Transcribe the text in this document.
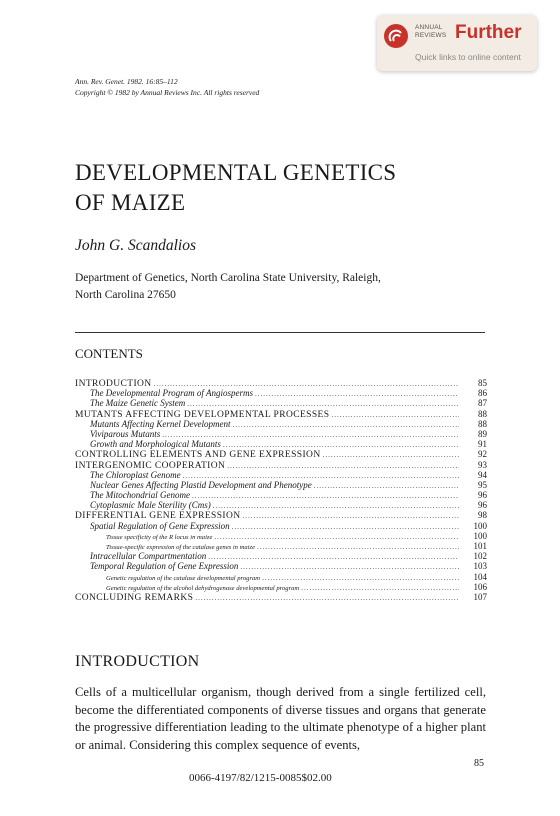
ANNUAL
REVIEWS Further
Quick links to online content
Ann. Rev. Genet. 1982. 16:85–112
Copyright © 1982 by Annual Reviews Inc. All rights reserved
DEVELOPMENTAL GENETICS
OF MAIZE
John G. Scandalios
Department of Genetics, North Carolina State University, Raleigh,
North Carolina 27650
CONTENTS
INTRODUCTION .....	85
The Developmental Program of Angiosperms .....	86
The Maize Genetic System .....	87
MUTANTS AFFECTING DEVELOPMENTAL PROCESSES .....	88
Mutants Affecting Kernel Development .....	88
Viviparous Mutants .....	89
Growth and Morphological Mutants .....	91
CONTROLLING ELEMENTS AND GENE EXPRESSION .....	92
INTERGENOMIC COOPERATION .....	93
The Chloroplast Genome .....	94
Nuclear Genes Affecting Plastid Development and Phenotype .....	95
The Mitochondrial Genome .....	96
Cytoplasmic Male Sterility (Cms) .....	96
DIFFERENTIAL GENE EXPRESSION .....	98
Spatial Regulation of Gene Expression .....	100
Tissue specificity of the R locus in maize .....	100
Tissue-specific expression of the catalase genes in maize .....	101
Intracellular Compartmentation .....	102
Temporal Regulation of Gene Expression .....	103
Genetic regulation of the catalase developmental program .....	104
Genetic regulation of the alcohol dehydrogenase developmental program .....	106
CONCLUDING REMARKS .....	107
INTRODUCTION
Cells of a multicellular organism, though derived from a single fertilized cell, become the differentiated components of diverse tissues and organs that generate the progressive differentiation leading to the ultimate phenotype of a higher plant or animal. Considering this complex sequence of events,
85
0066-4197/82/1215-0085$02.00
